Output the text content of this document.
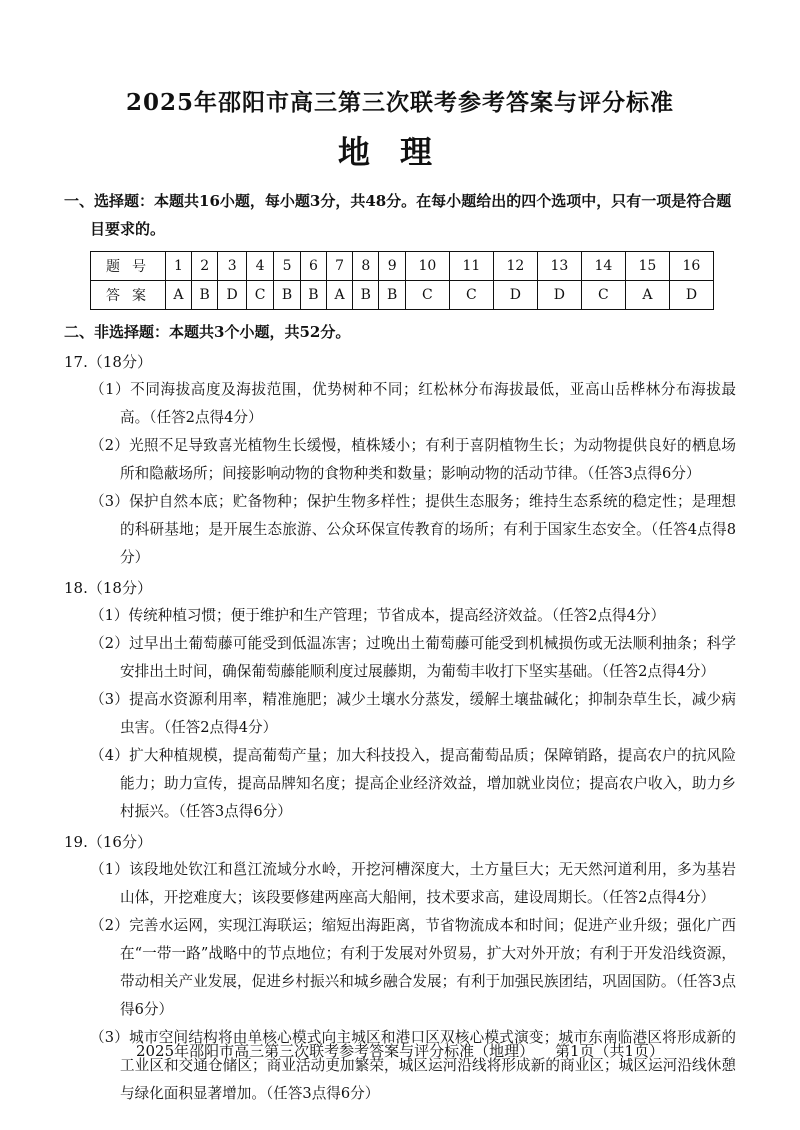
2025年邵阳市高三第三次联考参考答案与评分标准
地理
一、选择题：本题共16小题，每小题3分，共48分。在每小题给出的四个选项中，只有一项是符合题目要求的。
题号	1	2	3	4	5	6	7	8	9	10	11	12	13	14	15	16
答案	A	B	D	C	B	B	A	B	B	C	C	D	D	C	A	D
二、非选择题：本题共3个小题，共52分。
17.（18分）
（1）不同海拔高度及海拔范围，优势树种不同；红松林分布海拔最低，亚高山岳桦林分布海拔最高。（任答2点得4分）
（2）光照不足导致喜光植物生长缓慢，植株矮小；有利于喜阴植物生长；为动物提供良好的栖息场所和隐蔽场所；间接影响动物的食物种类和数量；影响动物的活动节律。（任答3点得6分）
（3）保护自然本底；贮备物种；保护生物多样性；提供生态服务；维持生态系统的稳定性；是理想的科研基地；是开展生态旅游、公众环保宣传教育的场所；有利于国家生态安全。（任答4点得8分）
18.（18分）
（1）传统种植习惯；便于维护和生产管理；节省成本，提高经济效益。（任答2点得4分）
（2）过早出土葡萄藤可能受到低温冻害；过晚出土葡萄藤可能受到机械损伤或无法顺利抽条；科学安排出土时间，确保葡萄藤能顺利度过展藤期，为葡萄丰收打下坚实基础。（任答2点得4分）
（3）提高水资源利用率，精准施肥；减少土壤水分蒸发，缓解土壤盐碱化；抑制杂草生长，减少病虫害。（任答2点得4分）
（4）扩大种植规模，提高葡萄产量；加大科技投入，提高葡萄品质；保障销路，提高农户的抗风险能力；助力宣传，提高品牌知名度；提高企业经济效益，增加就业岗位；提高农户收入，助力乡村振兴。（任答3点得6分）
19.（16分）
（1）该段地处钦江和邕江流域分水岭，开挖河槽深度大，土方量巨大；无天然河道利用，多为基岩山体，开挖难度大；该段要修建两座高大船闸，技术要求高，建设周期长。（任答2点得4分）
（2）完善水运网，实现江海联运；缩短出海距离，节省物流成本和时间；促进产业升级；强化广西在“一带一路”战略中的节点地位；有利于发展对外贸易，扩大对外开放；有利于开发沿线资源，带动相关产业发展，促进乡村振兴和城乡融合发展；有利于加强民族团结，巩固国防。（任答3点得6分）
（3）城市空间结构将由单核心模式向主城区和港口区双核心模式演变；城市东南临港区将形成新的工业区和交通仓储区；商业活动更加繁荣，城区运河沿线将形成新的商业区；城区运河沿线休憩与绿化面积显著增加。（任答3点得6分）
2025年邵阳市高三第三次联考参考答案与评分标准（地理） 第1页（共1页）
